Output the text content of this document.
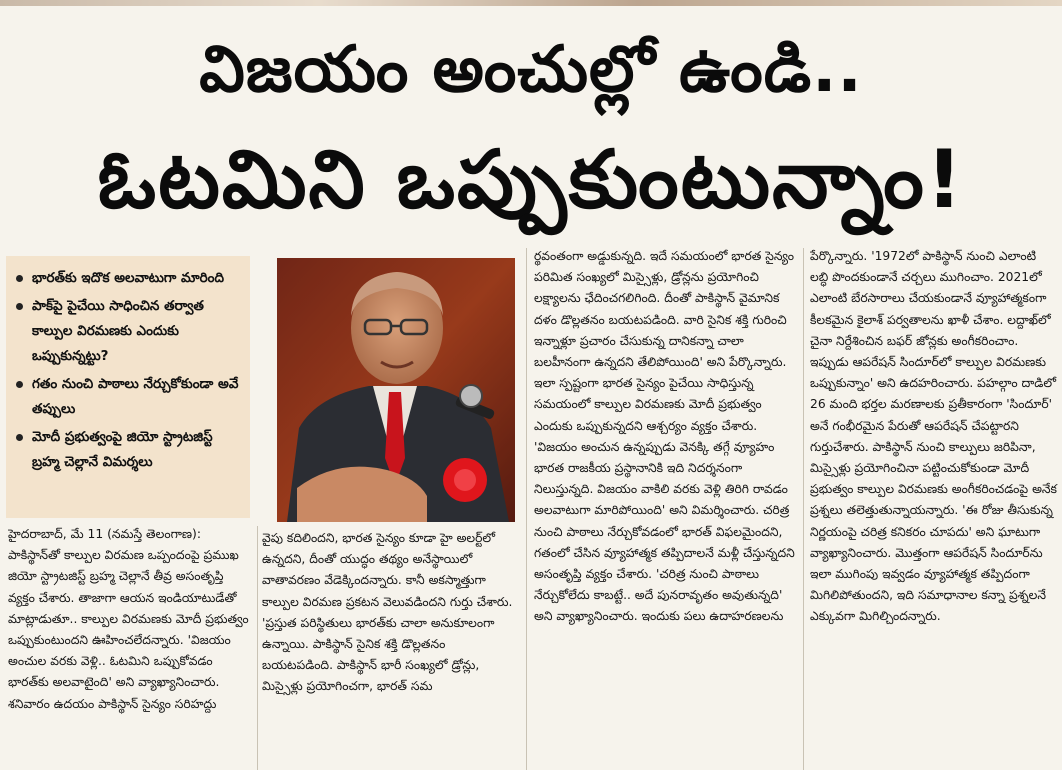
విజయం అంచుల్లో ఉండి..
ఓటమిని ఒప్పుకుంటున్నాం!
భారత్‌కు ఇదొక అలవాటుగా మారింది
పాక్‌పై పైచేయి సాధించిన తర్వాత కాల్పుల విరమణకు ఎందుకు ఒప్పుకున్నట్టు?
గతం నుంచి పాఠాలు నేర్చుకోకుండా అవే తప్పులు
మోదీ ప్రభుత్వంపై జియో స్ట్రాటజిస్ట్ బ్రహ్మ చెల్లానే విమర్శలు

హైదరాబాద్, మే 11 (నమస్తే తెలంగాణ): పాకిస్థాన్‌తో కాల్పుల విరమణ ఒప్పందంపై ప్రముఖ జియో స్ట్రాటజిస్ట్ బ్రహ్మ చెల్లానే తీవ్ర అసంతృప్తి వ్యక్తం చేశారు. తాజాగా ఆయన ఇండియాటుడేతో మాట్లాడుతూ.. కాల్పుల విరమణకు మోదీ ప్రభుత్వం ఒప్పుకుంటుందని ఊహించలేదన్నారు. 'విజయం అంచుల వరకు వెళ్లి.. ఓటమిని ఒప్పుకోవడం భారత్‌కు అలవాటైంది' అని వ్యాఖ్యానించారు. శనివారం ఉదయం పాకిస్థాన్ సైన్యం సరిహద్దు

వైపు కదిలిందని, భారత సైన్యం కూడా హై అలర్ట్‌లో ఉన్నదని, దీంతో యుద్ధం తథ్యం అనేస్థాయిలో వాతావరణం వేడెక్కిందన్నారు. కానీ అకస్మాత్తుగా కాల్పుల విరమణ ప్రకటన వెలువడిందని గుర్తు చేశారు. 'ప్రస్తుత పరిస్థితులు భారత్‌కు చాలా అనుకూలంగా ఉన్నాయి. పాకిస్థాన్ సైనిక శక్తి డొల్లతనం బయటపడింది. పాకిస్థాన్ భారీ సంఖ్యలో డ్రోన్లు, మిస్సైళ్లు ప్రయోగించగా, భారత్ సమ

ర్థవంతంగా అడ్డుకున్నది. ఇదే సమయంలో భారత సైన్యం పరిమిత సంఖ్యలో మిస్సైళ్లు, డ్రోన్లను ప్రయోగించి లక్ష్యాలను ఛేదించగలిగింది. దీంతో పాకిస్థాన్ వైమానిక దళం డొల్లతనం బయటపడింది. వారి సైనిక శక్తి గురించి ఇన్నాళ్లూ ప్రచారం చేసుకున్న దానికన్నా చాలా బలహీనంగా ఉన్నదని తేలిపోయింది' అని పేర్కొన్నారు. ఇలా స్పష్టంగా భారత సైన్యం పైచేయి సాధిస్తున్న సమయంలో కాల్పుల విరమణకు మోదీ ప్రభుత్వం ఎందుకు ఒప్పుకున్నదని ఆశ్చర్యం వ్యక్తం చేశారు. 'విజయం అంచున ఉన్నప్పుడు వెనక్కి తగ్గే వ్యూహం భారత రాజకీయ ప్రస్థానానికి ఇది నిదర్శనంగా నిలుస్తున్నది. విజయం వాకిలి వరకు వెళ్లి తిరిగి రావడం అలవాటుగా మారిపోయింది' అని విమర్శించారు. చరిత్ర నుంచి పాఠాలు నేర్చుకోవడంలో భారత్ విఫలమైందని, గతంలో చేసిన వ్యూహాత్మక తప్పిదాలనే మళ్లీ చేస్తున్నదని అసంతృప్తి వ్యక్తం చేశారు. 'చరిత్ర నుంచి పాఠాలు నేర్చుకోలేదు కాబట్టే.. అదే పునరావృతం అవుతున్నది' అని వ్యాఖ్యానించారు. ఇందుకు పలు ఉదాహరణలను

పేర్కొన్నారు. '1972లో పాకిస్థాన్ నుంచి ఎలాంటి లబ్ధి పొందకుండానే చర్చలు ముగించాం. 2021లో ఎలాంటి బేరసారాలు చేయకుండానే వ్యూహాత్మకంగా కీలకమైన కైలాశ్ పర్వతాలను ఖాళీ చేశాం. లద్దాఖ్‌లో చైనా నిర్దేశించిన బఫర్ జోన్లకు అంగీకరించాం. ఇప్పుడు ఆపరేషన్ సిందూర్‌లో కాల్పుల విరమణకు ఒప్పుకున్నాం' అని ఉదహరించారు. పహల్గాం దాడిలో 26 మంది భర్తల మరణాలకు ప్రతీకారంగా 'సిందూర్' అనే గంభీరమైన పేరుతో ఆపరేషన్ చేపట్టారని గుర్తుచేశారు. పాకిస్థాన్ నుంచి కాల్పులు జరిపినా, మిస్సైళ్లు ప్రయోగించినా పట్టించుకోకుండా మోదీ ప్రభుత్వం కాల్పుల విరమణకు అంగీకరించడంపై అనేక ప్రశ్నలు తలెత్తుతున్నాయన్నారు. 'ఈ రోజు తీసుకున్న నిర్ణయంపై చరిత్ర కనికరం చూపదు' అని ఘాటుగా వ్యాఖ్యానించారు. మొత్తంగా ఆపరేషన్ సిందూర్‌ను ఇలా ముగింపు ఇవ్వడం వ్యూహాత్మక తప్పిదంగా మిగిలిపోతుందని, ఇది సమాధానాల కన్నా ప్రశ్నలనే ఎక్కువగా మిగిల్చిందన్నారు.
